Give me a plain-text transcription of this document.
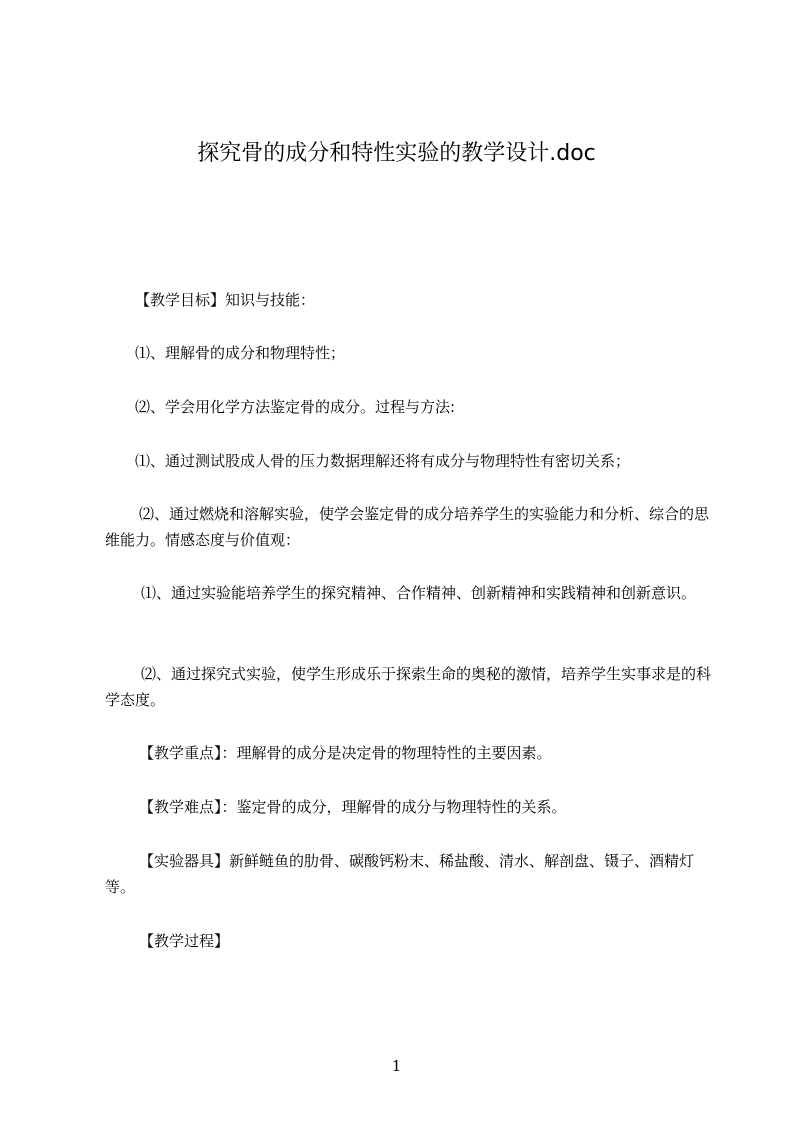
探究骨的成分和特性实验的教学设计.doc

【教学目标】知识与技能：

⑴、理解骨的成分和物理特性；

⑵、学会用化学方法鉴定骨的成分。过程与方法:

⑴、通过测试股成人骨的压力数据理解还将有成分与物理特性有密切关系；

⑵、通过燃烧和溶解实验，使学会鉴定骨的成分培养学生的实验能力和分析、综合的思维能力。情感态度与价值观：

⑴、通过实验能培养学生的探究精神、合作精神、创新精神和实践精神和创新意识。

⑵、通过探究式实验，使学生形成乐于探索生命的奥秘的激情，培养学生实事求是的科学态度。

【教学重点】：理解骨的成分是决定骨的物理特性的主要因素。

【教学难点】：鉴定骨的成分，理解骨的成分与物理特性的关系。

【实验器具】新鲜鲢鱼的肋骨、碳酸钙粉末、稀盐酸、清水、解剖盘、镊子、酒精灯等。

【教学过程】

1
